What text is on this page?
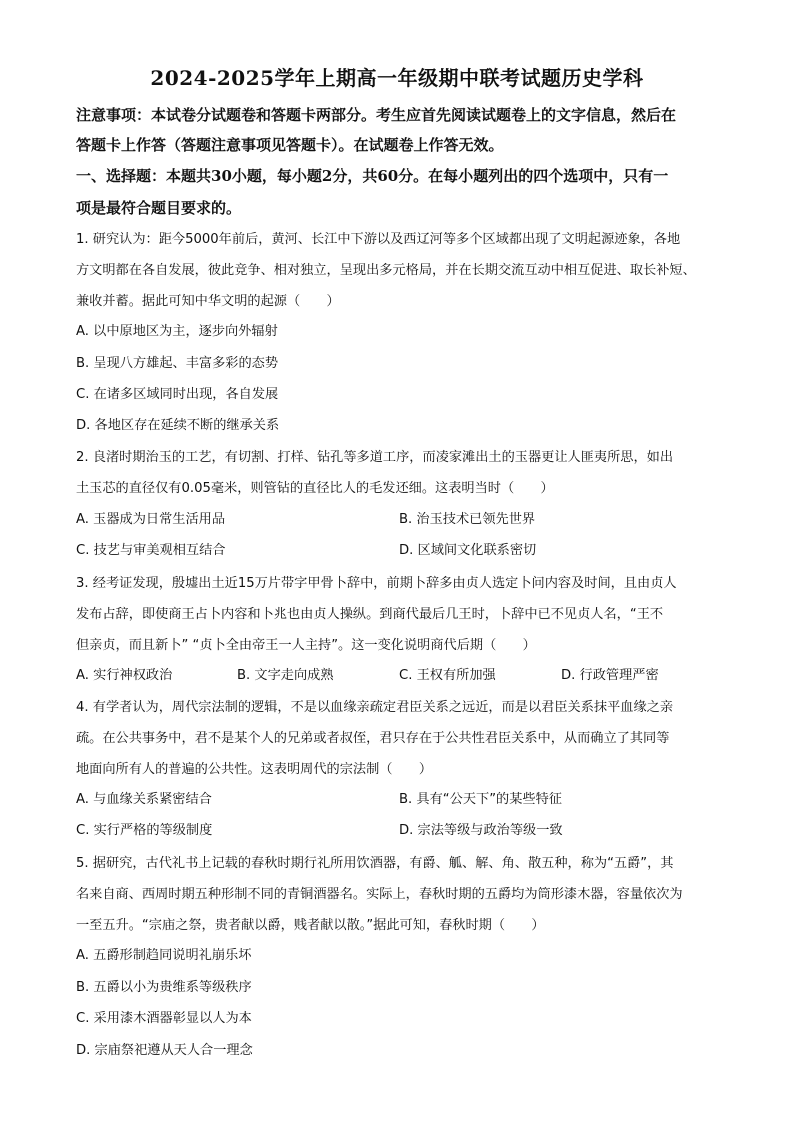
2024-2025学年上期高一年级期中联考试题历史学科
注意事项：本试卷分试题卷和答题卡两部分。考生应首先阅读试题卷上的文字信息，然后在
答题卡上作答（答题注意事项见答题卡）。在试题卷上作答无效。
一、选择题：本题共30小题，每小题2分，共60分。在每小题列出的四个选项中，只有一
项是最符合题目要求的。
1. 研究认为：距今5000年前后，黄河、长江中下游以及西辽河等多个区域都出现了文明起源迹象，各地
方文明都在各自发展，彼此竞争、相对独立，呈现出多元格局，并在长期交流互动中相互促进、取长补短、
兼收并蓄。据此可知中华文明的起源（　　）
A. 以中原地区为主，逐步向外辐射
B. 呈现八方雄起、丰富多彩的态势
C. 在诸多区域同时出现，各自发展
D. 各地区存在延续不断的继承关系
2. 良渚时期治玉的工艺，有切割、打样、钻孔等多道工序，而凌家滩出土的玉器更让人匪夷所思，如出
土玉芯的直径仅有0.05毫米，则管钻的直径比人的毛发还细。这表明当时（　　）
A. 玉器成为日常生活用品	B. 治玉技术已领先世界
C. 技艺与审美观相互结合	D. 区域间文化联系密切
3. 经考证发现，殷墟出土近15万片带字甲骨卜辞中，前期卜辞多由贞人选定卜问内容及时间，且由贞人
发布占辞，即使商王占卜内容和卜兆也由贞人操纵。到商代最后几王时，卜辞中已不见贞人名，“王不
但亲贞，而且新卜” “贞卜全由帝王一人主持”。这一变化说明商代后期（　　）
A. 实行神权政治	B. 文字走向成熟	C. 王权有所加强	D. 行政管理严密
4. 有学者认为，周代宗法制的逻辑，不是以血缘亲疏定君臣关系之远近，而是以君臣关系抹平血缘之亲
疏。在公共事务中，君不是某个人的兄弟或者叔侄，君只存在于公共性君臣关系中，从而确立了其同等
地面向所有人的普遍的公共性。这表明周代的宗法制（　　）
A. 与血缘关系紧密结合	B. 具有“公天下”的某些特征
C. 实行严格的等级制度	D. 宗法等级与政治等级一致
5. 据研究，古代礼书上记载的春秋时期行礼所用饮酒器，有爵、觚、解、角、散五种，称为“五爵”，其
名来自商、西周时期五种形制不同的青铜酒器名。实际上，春秋时期的五爵均为筒形漆木器，容量依次为
一至五升。“宗庙之祭，贵者献以爵，贱者献以散。”据此可知，春秋时期（　　）
A. 五爵形制趋同说明礼崩乐坏
B. 五爵以小为贵维系等级秩序
C. 采用漆木酒器彰显以人为本
D. 宗庙祭祀遵从天人合一理念
